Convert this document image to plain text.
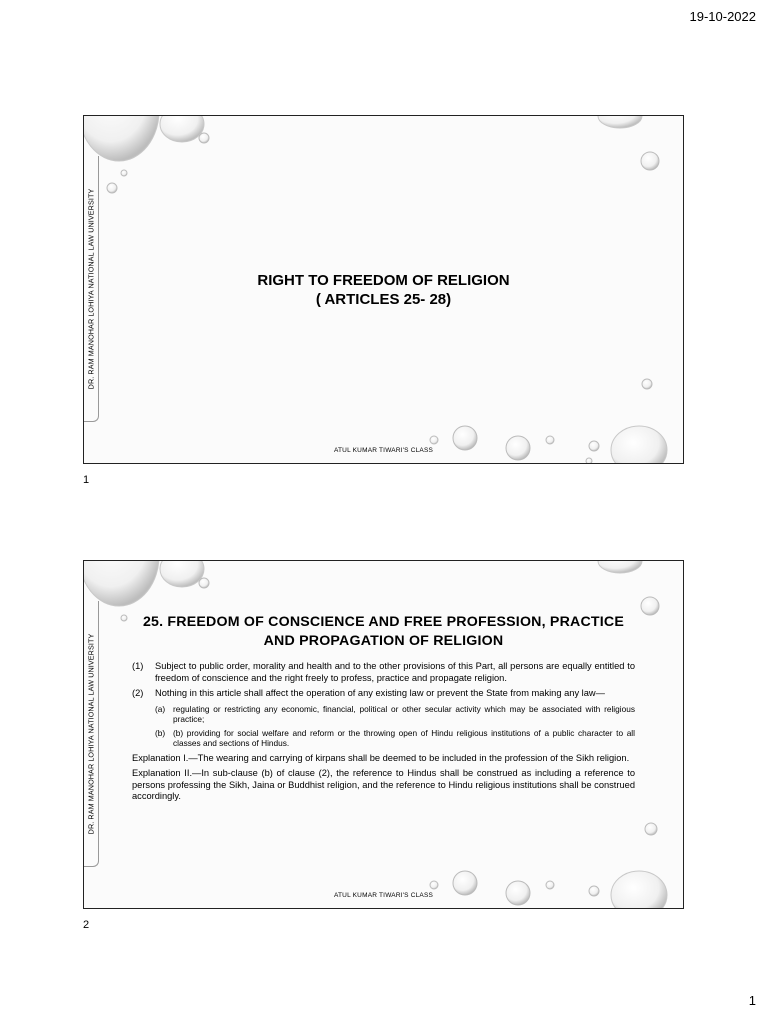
19-10-2022
DR. RAM MANOHAR LOHIYA NATIONAL LAW UNIVERSITY	RIGHT TO FREEDOM OF RELIGION
( ARTICLES 25- 28)
ATUL KUMAR TIWARI'S CLASS
1
DR. RAM MANOHAR LOHIYA NATIONAL LAW UNIVERSITY
25. FREEDOM OF CONSCIENCE AND FREE PROFESSION, PRACTICE
AND PROPAGATION OF RELIGION
(1)	Subject to public order, morality and health and to the other provisions of this Part, all persons are equally entitled to freedom of conscience and the right freely to profess, practice and propagate religion.
(2)	Nothing in this article shall affect the operation of any existing law or prevent the State from making any law—
(a) regulating or restricting any economic, financial, political or other secular activity which may be associated with religious practice;
(b) (b) providing for social welfare and reform or the throwing open of Hindu religious institutions of a public character to all classes and sections of Hindus.
Explanation I.—The wearing and carrying of kirpans shall be deemed to be included in the profession of the Sikh religion.
Explanation II.—In sub-clause (b) of clause (2), the reference to Hindus shall be construed as including a reference to persons professing the Sikh, Jaina or Buddhist religion, and the reference to Hindu religious institutions shall be construed accordingly.
ATUL KUMAR TIWARI'S CLASS
2
1
